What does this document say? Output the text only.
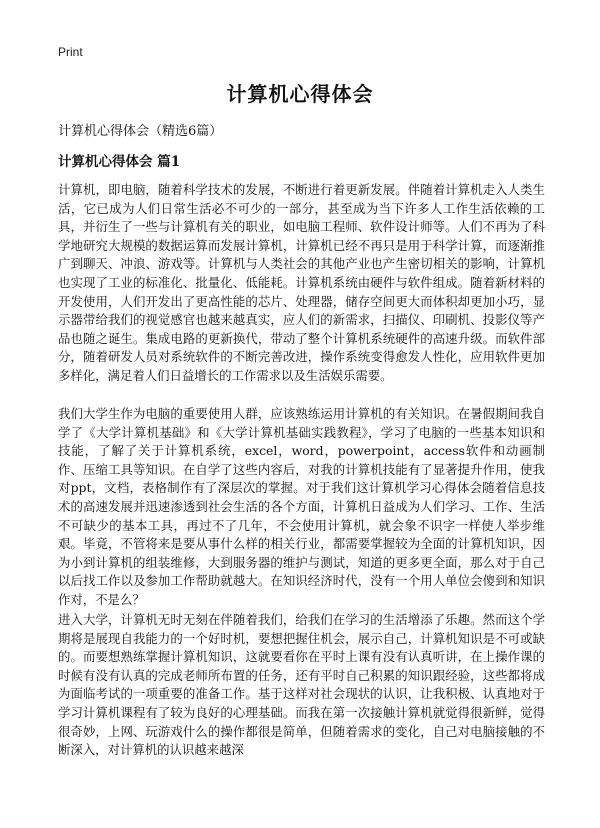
Print
计算机心得体会
计算机心得体会（精选6篇）
计算机心得体会 篇1

计算机，即电脑，随着科学技术的发展，不断进行着更新发展。伴随着计算机走入人类生活，它已成为人们日常生活必不可少的一部分，甚至成为当下许多人工作生活依赖的工具，并衍生了一些与计算机有关的职业，如电脑工程师、软件设计师等。人们不再为了科学地研究大规模的数据运算而发展计算机，计算机已经不再只是用于科学计算，而逐渐推广到聊天、冲浪、游戏等。计算机与人类社会的其他产业也产生密切相关的影响，计算机也实现了工业的标准化、批量化、低能耗。计算机系统由硬件与软件组成。随着新材料的开发使用，人们开发出了更高性能的芯片、处理器，储存空间更大而体积却更加小巧，显示器带给我们的视觉感官也越来越真实，应人们的新需求，扫描仪、印刷机、投影仪等产品也随之诞生。集成电路的更新换代，带动了整个计算机系统硬件的高速升级。而软件部分，随着研发人员对系统软件的不断完善改进，操作系统变得愈发人性化，应用软件更加多样化，满足着人们日益增长的工作需求以及生活娱乐需要。

我们大学生作为电脑的重要使用人群，应该熟练运用计算机的有关知识。在暑假期间我自学了《大学计算机基础》和《大学计算机基础实践教程》，学习了电脑的一些基本知识和技能，了解了关于计算机系统，excel，word，powerpoint，access软件和动画制作、压缩工具等知识。在自学了这些内容后，对我的计算机技能有了显著提升作用，使我对ppt，文档，表格制作有了深层次的掌握。对于我们这计算机学习心得体会随着信息技术的高速发展并迅速渗透到社会生活的各个方面，计算机日益成为人们学习、工作、生活不可缺少的基本工具，再过不了几年，不会使用计算机，就会象不识字一样使人举步维艰。毕竟，不管将来是要从事什么样的相关行业，都需要掌握较为全面的计算机知识，因为小到计算机的组装维修，大到服务器的维护与测试，知道的更多更全面，那么对于自己以后找工作以及参加工作帮助就越大。在知识经济时代，没有一个用人单位会傻到和知识作对，不是么？

进入大学，计算机无时无刻在伴随着我们，给我们在学习的生活增添了乐趣。然而这个学期将是展现自我能力的一个好时机，要想把握住机会，展示自己，计算机知识是不可或缺的。而要想熟练掌握计算机知识，这就要看你在平时上课有没有认真听讲，在上操作课的时候有没有认真的完成老师所布置的任务，还有平时自己积累的知识跟经验，这些都将成为面临考试的一项重要的准备工作。基于这样对社会现状的认识，让我积极、认真地对于学习计算机课程有了较为良好的心理基础。而我在第一次接触计算机就觉得很新鲜，觉得很奇妙，上网、玩游戏什么的操作都很是简单，但随着需求的变化，自己对电脑接触的不断深入，对计算机的认识越来越深
